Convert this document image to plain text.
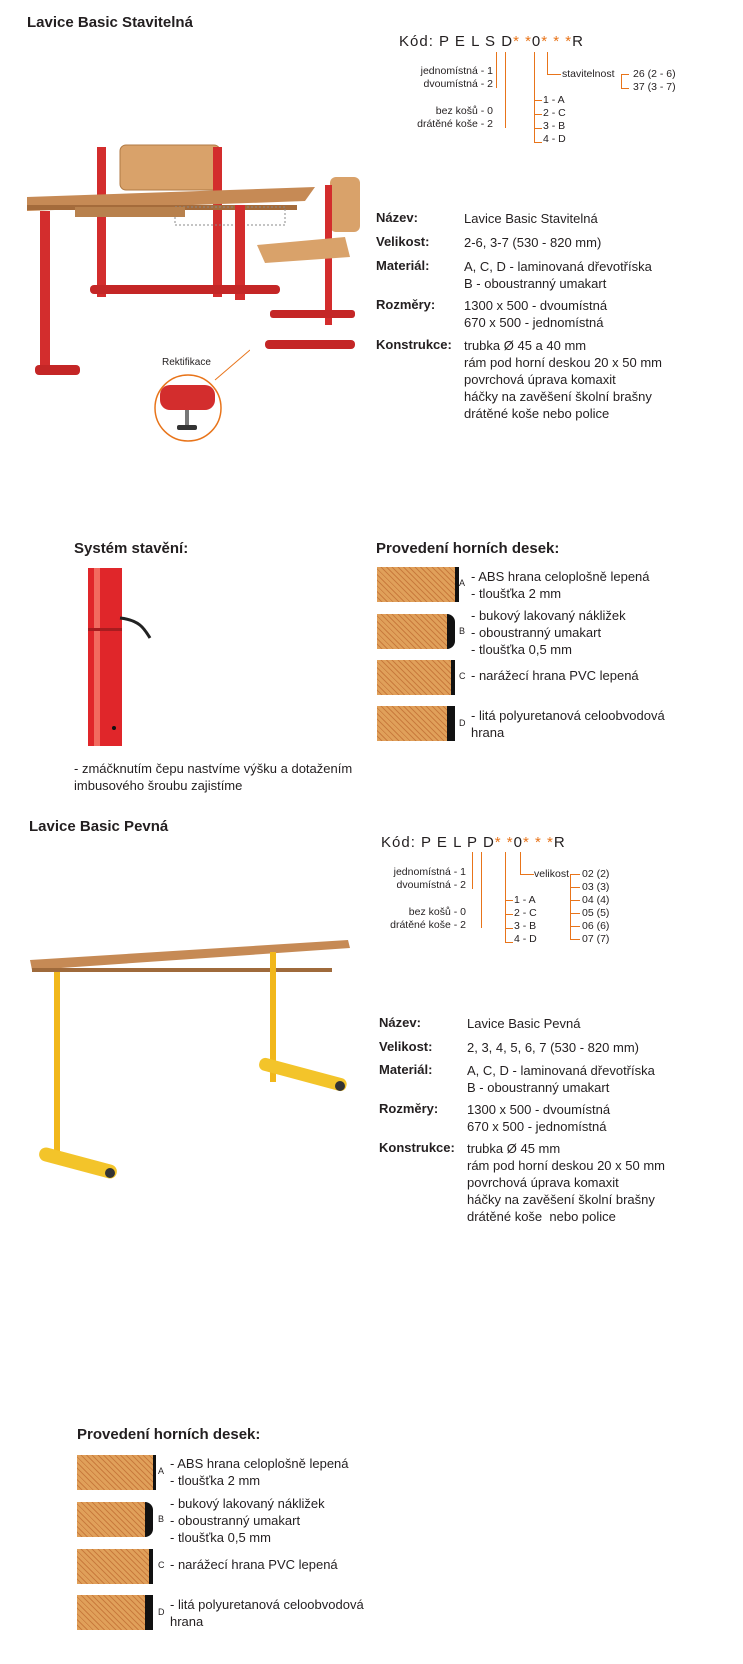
Lavice Basic Stavitelná
Kód: P E L S D* *0* * *R
jednomístná - 1
dvoumístná - 2
bez košů - 0
drátěné koše - 2
1 - A
2 - C
3 - B
4 - D
stavitelnost 26 (2 - 6)
37 (3 - 7)
Rektifikace
Název:	Lavice Basic Stavitelná
Velikost:	2-6, 3-7 (530 - 820 mm)
Materiál:	A, C, D - laminovaná dřevotříska
B - oboustranný umakart
Rozměry: 1300 x 500 - dvoumístná
670 x 500 - jednomístná
Konstrukce: trubka Ø 45 a 40 mm
rám pod horní deskou 20 x 50 mm
povrchová úprava komaxit
háčky na zavěšení školní brašny
drátěné koše nebo police
Systém stavění:
- zmáčknutím čepu nastvíme výšku a dotažením
imbusového šroubu zajistíme
Provedení horních desek:
A - ABS hrana celoplošně lepená
- tloušťka 2 mm
B
- bukový lakovaný nákližek
- oboustranný umakart
- tloušťka 0,5 mm
C - narážecí hrana PVC lepená
D - litá polyuretanová celoobvodová
hrana
Lavice Basic Pevná
Kód: P E L P D* *0* * *R
jednomístná - 1
dvoumístná - 2
bez košů - 0
drátěné koše - 2
1 - A
2 - C
3 - B
4 - D
velikost 02 (2)
03 (3)
04 (4)
05 (5)
06 (6)
07 (7)
Název:	Lavice Basic Pevná
Velikost:	2, 3, 4, 5, 6, 7 (530 - 820 mm)
Materiál:	A, C, D - laminovaná dřevotříska
B - oboustranný umakart
Rozměry: 1300 x 500 - dvoumístná
670 x 500 - jednomístná
Konstrukce: trubka Ø 45 mm
rám pod horní deskou 20 x 50 mm
povrchová úprava komaxit
háčky na zavěšení školní brašny
drátěné koše  nebo police
Provedení horních desek:
A - ABS hrana celoplošně lepená
- tloušťka 2 mm
B
- bukový lakovaný nákližek
- oboustranný umakart
- tloušťka 0,5 mm
C - narážecí hrana PVC lepená
D - litá polyuretanová celoobvodová
hrana
